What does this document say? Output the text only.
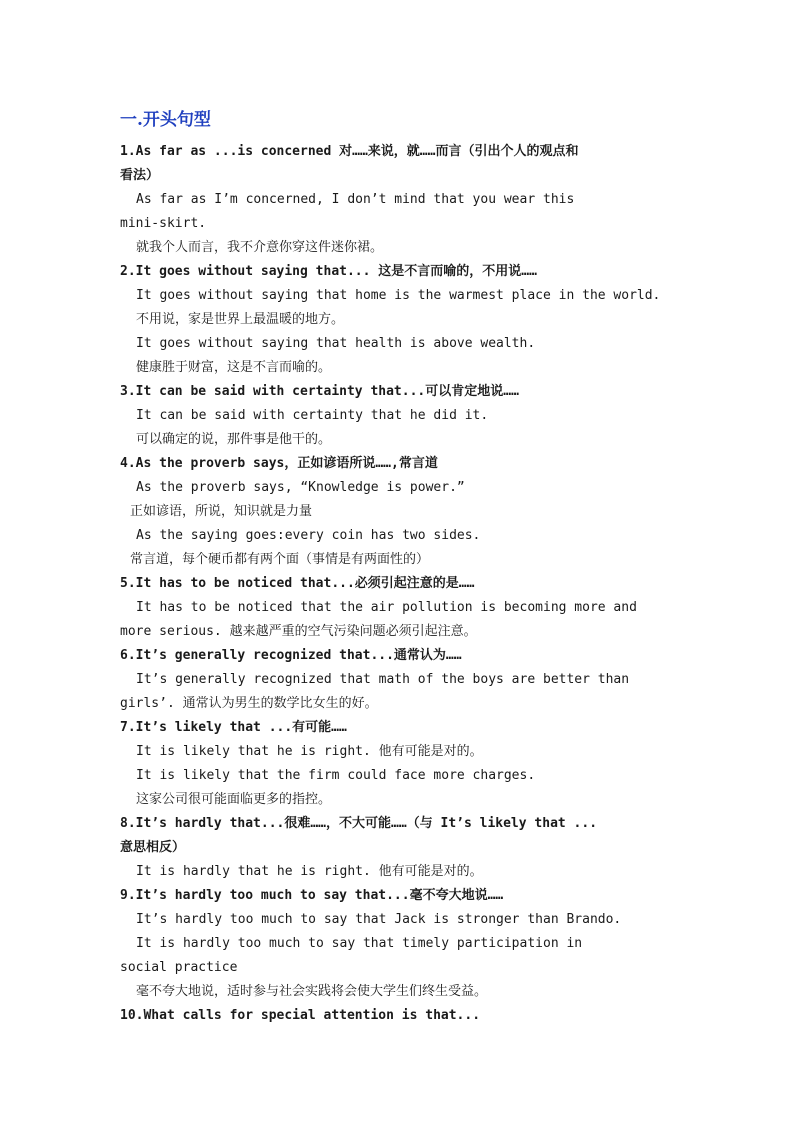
一.开头句型
1.As far as ...is concerned 对……来说，就……而言（引出个人的观点和
看法）
As far as I’m concerned, I don’t mind that you wear this
mini-skirt.
就我个人而言，我不介意你穿这件迷你裙。
2.It goes without saying that... 这是不言而喻的，不用说……
It goes without saying that home is the warmest place in the world.
不用说，家是世界上最温暖的地方。
It goes without saying that health is above wealth.
健康胜于财富，这是不言而喻的。
3.It can be said with certainty that...可以肯定地说……
It can be said with certainty that he did it.
可以确定的说，那件事是他干的。
4.As the proverb says，正如谚语所说……,常言道
As the proverb says, “Knowledge is power.”
正如谚语，所说，知识就是力量
As the saying goes:every coin has two sides.
常言道，每个硬币都有两个面（事情是有两面性的）
5.It has to be noticed that...必须引起注意的是……
It has to be noticed that the air pollution is becoming more and
more serious. 越来越严重的空气污染问题必须引起注意。
6.It’s generally recognized that...通常认为……
It’s generally recognized that math of the boys are better than
girls’. 通常认为男生的数学比女生的好。
7.It’s likely that ...有可能……
It is likely that he is right. 他有可能是对的。
It is likely that the firm could face more charges.
这家公司很可能面临更多的指控。
8.It’s hardly that...很难……，不大可能……（与 It’s likely that ...
意思相反）
It is hardly that he is right. 他有可能是对的。
9.It’s hardly too much to say that...毫不夸大地说……
It’s hardly too much to say that Jack is stronger than Brando.
It is hardly too much to say that timely participation in
social practice
毫不夸大地说，适时参与社会实践将会使大学生们终生受益。
10.What calls for special attention is that...
